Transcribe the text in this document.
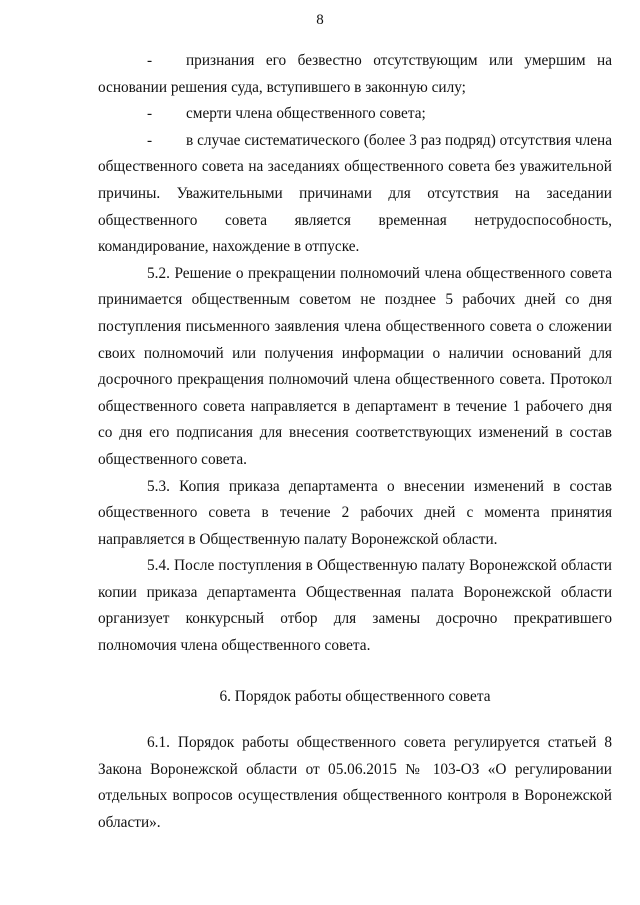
8

- признания его безвестно отсутствующим или умершим на основании решения суда, вступившего в законную силу;

- смерти члена общественного совета;

- в случае систематического (более 3 раз подряд) отсутствия члена общественного совета на заседаниях общественного совета без уважительной причины. Уважительными причинами для отсутствия на заседании общественного совета является временная нетрудоспособность, командирование, нахождение в отпуске.

5.2. Решение о прекращении полномочий члена общественного совета принимается общественным советом не позднее 5 рабочих дней со дня поступления письменного заявления члена общественного совета о сложении своих полномочий или получения информации о наличии оснований для досрочного прекращения полномочий члена общественного совета. Протокол общественного совета направляется в департамент в течение 1 рабочего дня со дня его подписания для внесения соответствующих изменений в состав общественного совета.

5.3. Копия приказа департамента о внесении изменений в состав общественного совета в течение 2 рабочих дней с момента принятия направляется в Общественную палату Воронежской области.

5.4. После поступления в Общественную палату Воронежской области копии приказа департамента Общественная палата Воронежской области организует конкурсный отбор для замены досрочно прекратившего полномочия члена общественного совета.

6. Порядок работы общественного совета

6.1. Порядок работы общественного совета регулируется статьей 8 Закона Воронежской области от 05.06.2015 № 103-ОЗ «О регулировании отдельных вопросов осуществления общественного контроля в Воронежской области».
